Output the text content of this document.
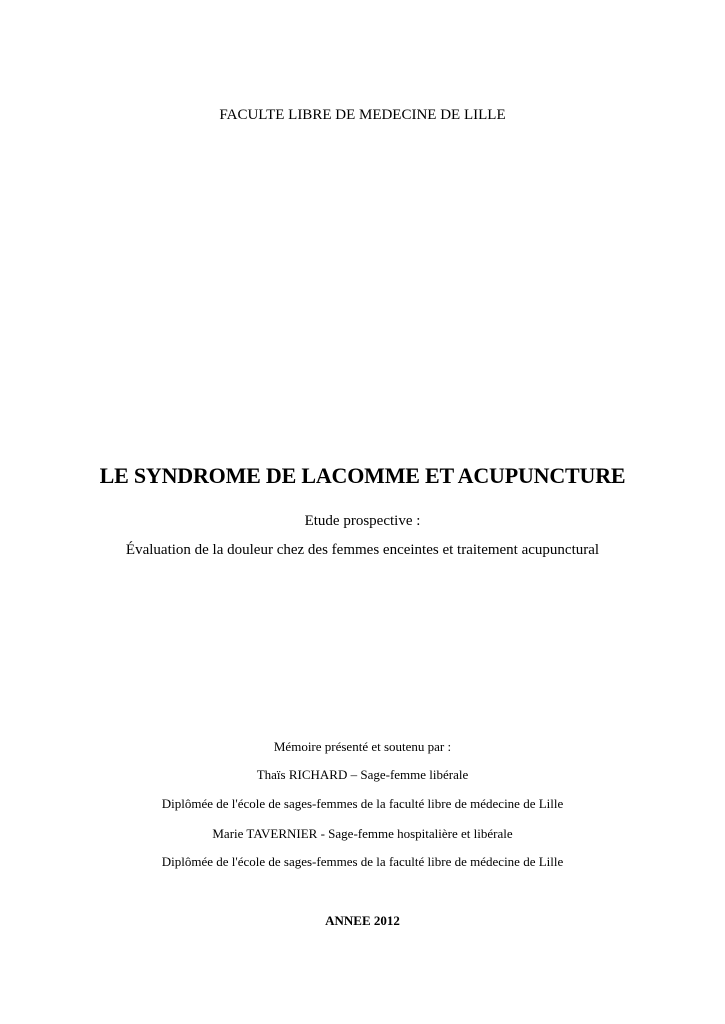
FACULTE LIBRE DE MEDECINE DE LILLE
LE SYNDROME DE LACOMME ET ACUPUNCTURE
Etude prospective :
Évaluation de la douleur chez des femmes enceintes et traitement acupunctural
Mémoire présenté et soutenu par :
Thaïs RICHARD – Sage-femme libérale
Diplômée de l'école de sages-femmes de la faculté libre de médecine de Lille
Marie TAVERNIER - Sage-femme hospitalière et libérale
Diplômée de l'école de sages-femmes de la faculté libre de médecine de Lille
ANNEE 2012
